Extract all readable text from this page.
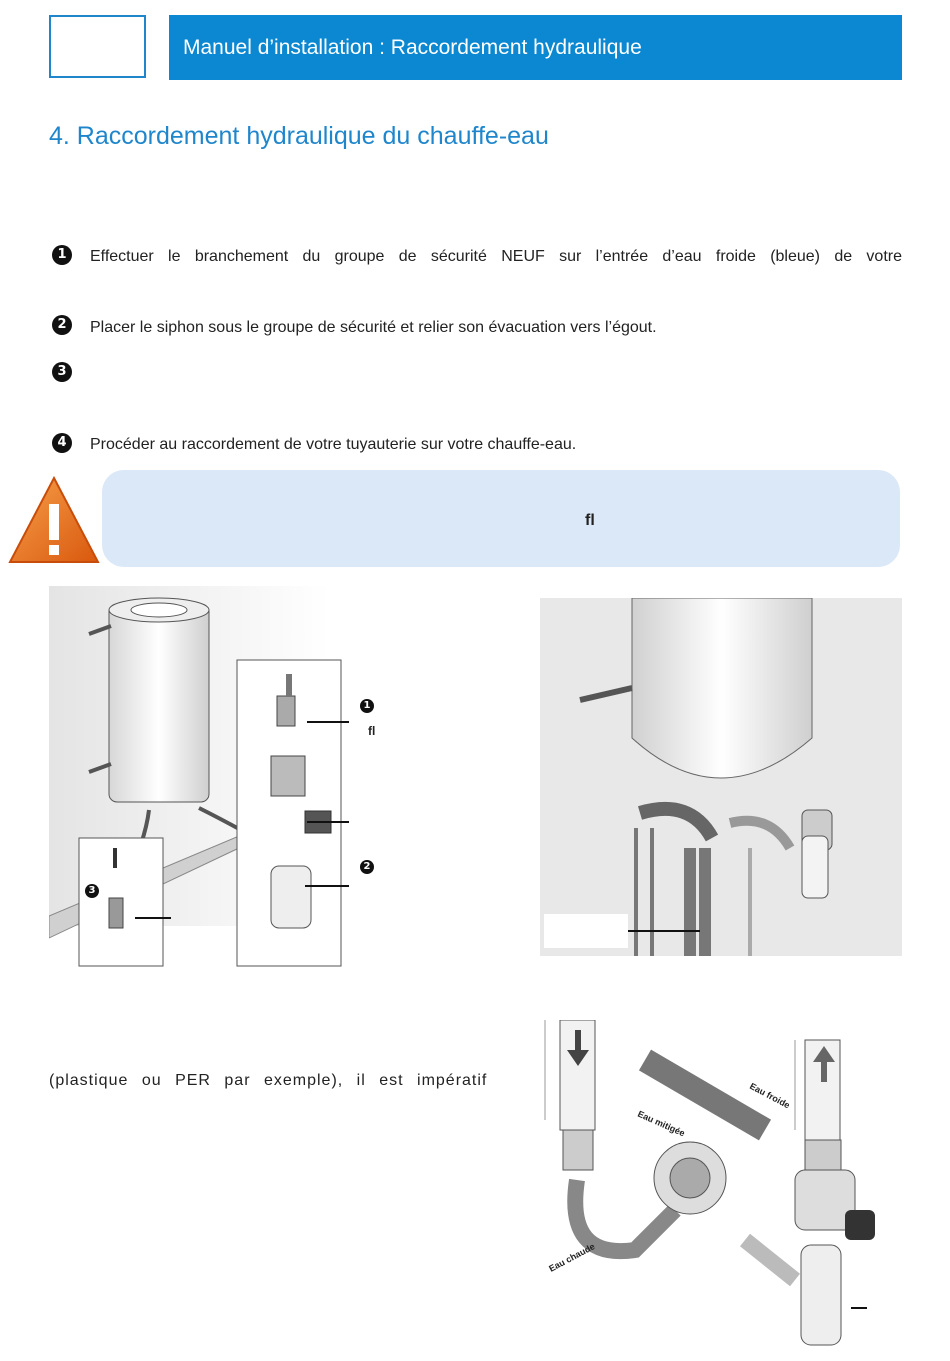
Manuel d’installation : Raccordement hydraulique
4. Raccordement hydraulique du chauffe-eau
1	Effectuer le branchement du groupe de sécurité NEUF sur l’entrée d’eau froide (bleue) de votre
2	Placer le siphon sous le groupe de sécurité et relier son évacuation vers l’égout.
3
4	Procéder au raccordement de votre tuyauterie sur votre chauffe-eau.
fl
1
fl
2
3
(plastique ou PER par exemple), il est impératif
Eau froide
Eau mitigée
Eau chaude
